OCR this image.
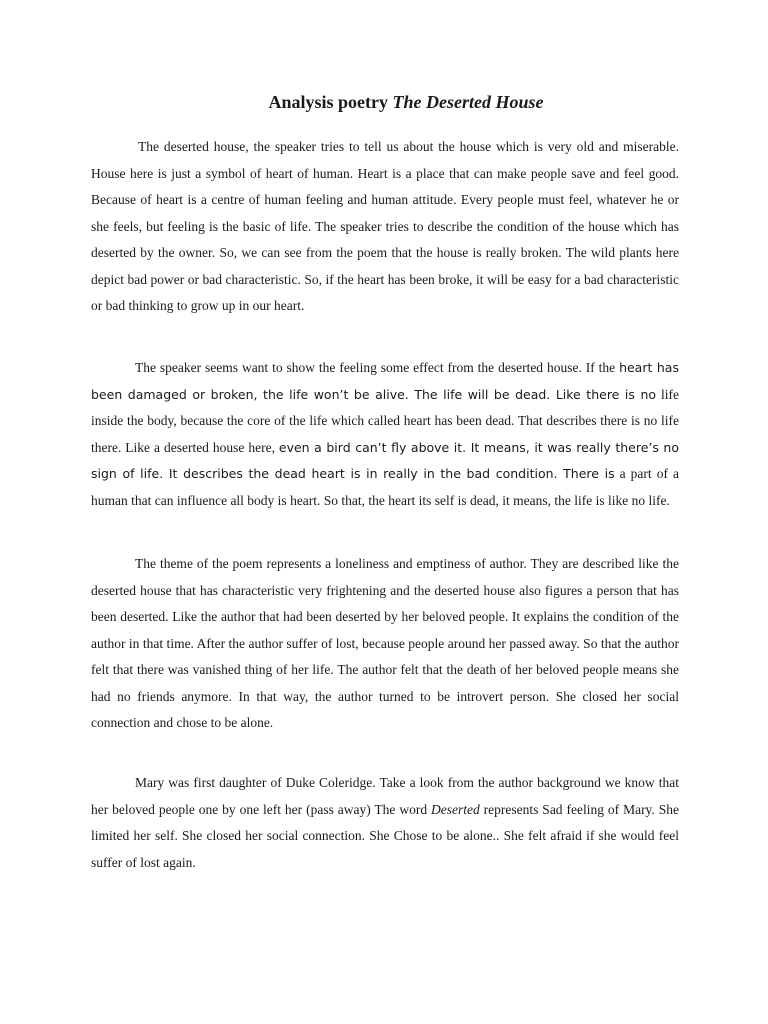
Analysis poetry The Deserted House

The deserted house, the speaker tries to tell us about the house which is very old and miserable. House here is just a symbol of heart of human. Heart is a place that can make people save and feel good. Because of heart is a centre of human feeling and human attitude. Every people must feel, whatever he or she feels, but feeling is the basic of life. The speaker tries to describe the condition of the house which has deserted by the owner. So, we can see from the poem that the house is really broken. The wild plants here depict bad power or bad characteristic. So, if the heart has been broke, it will be easy for a bad characteristic or bad thinking to grow up in our heart.

The speaker seems want to show the feeling some effect from the deserted house. If the heart has been damaged or broken, the life won’t be alive. The life will be dead. Like there is no life inside the body, because the core of the life which called heart has been dead. That describes there is no life there. Like a deserted house here, even a bird can’t fly above it. It means, it was really there’s no sign of life. It describes the dead heart is in really in the bad condition. There is a part of a human that can influence all body is heart. So that, the heart its self is dead, it means, the life is like no life.

The theme of the poem represents a loneliness and emptiness of author. They are described like the deserted house that has characteristic very frightening and the deserted house also figures a person that has been deserted. Like the author that had been deserted by her beloved people. It explains the condition of the author in that time. After the author suffer of lost, because people around her passed away. So that the author felt that there was vanished thing of her life. The author felt that the death of her beloved people means she had no friends anymore. In that way, the author turned to be introvert person. She closed her social connection and chose to be alone.

Mary was first daughter of Duke Coleridge. Take a look from the author background we know that her beloved people one by one left her (pass away) The word Deserted represents Sad feeling of Mary. She limited her self. She closed her social connection. She Chose to be alone.. She felt afraid if she would feel suffer of lost again.
